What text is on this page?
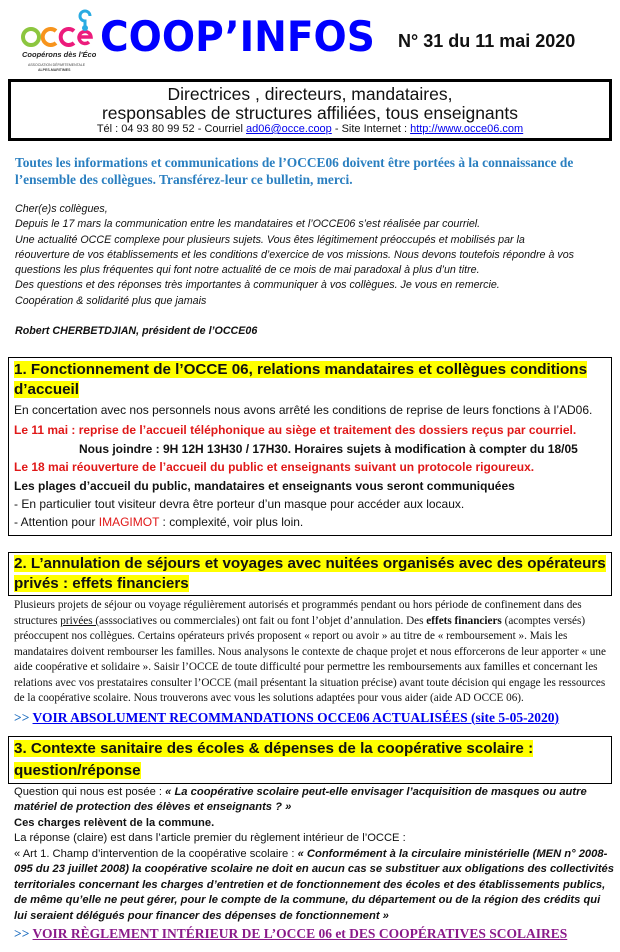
Coopérons dès l'École
ASSOCIATION DÉPARTEMENTALE
ALPES-MARITIMES
COOP’INFOS N° 31 du 11 mai 2020
Directrices , directeurs, mandataires,
responsables de structures affiliées, tous enseignants
Tél : 04 93 80 99 52 - Courriel ad06@occe.coop - Site Internet : http://www.occe06.com
Toutes les informations et communications de l’OCCE06 doivent être portées à la connaissance de l’ensemble des collègues. Transférez-leur ce bulletin, merci.
Cher(e)s collègues,
Depuis le 17 mars la communication entre les mandataires et l’OCCE06 s’est réalisée par courriel.
Une actualité OCCE complexe pour plusieurs sujets. Vous êtes légitimement préoccupés et mobilisés par la
réouverture de vos établissements et les conditions d’exercice de vos missions. Nous devons toutefois répondre à vos
questions les plus fréquentes qui font notre actualité de ce mois de mai paradoxal à plus d’un titre.
Des questions et des réponses très importantes à communiquer à vos collègues. Je vous en remercie.
Coopération & solidarité plus que jamais
Robert CHERBETDJIAN, président de l’OCCE06
1. Fonctionnement de l’OCCE 06, relations mandataires et collègues conditions d’accueil
En concertation avec nos personnels nous avons arrêté les conditions de reprise de leurs fonctions à l’AD06.
Le 11 mai : reprise de l’accueil téléphonique au siège et traitement des dossiers reçus par courriel.
Nous joindre : 9H 12H 13H30 / 17H30. Horaires sujets à modification à compter du 18/05
Le 18 mai réouverture de l’accueil du public et enseignants suivant un protocole rigoureux.
Les plages d’accueil du public, mandataires et enseignants vous seront communiquées
- En particulier tout visiteur devra être porteur d’un masque pour accéder aux locaux.
- Attention pour IMAGIMOT : complexité, voir plus loin.
2. L’annulation de séjours et voyages avec nuitées organisés avec des opérateurs privés : effets financiers
Plusieurs projets de séjour ou voyage régulièrement autorisés et programmés pendant ou hors période de confinement dans des structures privées (asssociatives ou commerciales) ont fait ou font l’objet d’annulation. Des effets financiers (acomptes versés) préoccupent nos collègues. Certains opérateurs privés proposent « report ou avoir » au titre de « remboursement ». Mais les mandataires doivent rembourser les familles. Nous analysons le contexte de chaque projet et nous efforcerons de leur apporter « une aide coopérative et solidaire ». Saisir l’OCCE de toute difficulté pour permettre les remboursements aux familles et concernant les relations avec vos prestataires consulter l’OCCE (mail présentant la situation précise) avant toute décision qui engage les ressources de la coopérative scolaire. Nous trouverons avec vous les solutions adaptées pour vous aider (aide AD OCCE 06).
>> VOIR ABSOLUMENT RECOMMANDATIONS OCCE06 ACTUALISÉES (site 5-05-2020)
3. Contexte sanitaire des écoles & dépenses de la coopérative scolaire : question/réponse
Question qui nous est posée : « La coopérative scolaire peut-elle envisager l’acquisition de masques ou autre matériel de protection des élèves et enseignants ? »
Ces charges relèvent de la commune.
La réponse (claire) est dans l’article premier du règlement intérieur de l’OCCE :
« Art 1. Champ d’intervention de la coopérative scolaire : « Conformément à la circulaire ministérielle (MEN n° 2008-095 du 23 juillet 2008) la coopérative scolaire ne doit en aucun cas se substituer aux obligations des collectivités territoriales concernant les charges d’entretien et de fonctionnement des écoles et des établissements publics, de même qu’elle ne peut gérer, pour le compte de la commune, du département ou de la région des crédits qui lui seraient délégués pour financer des dépenses de fonctionnement »
>> VOIR RÈGLEMENT INTÉRIEUR DE L’OCCE 06 et DES COOPÉRATIVES SCOLAIRES
